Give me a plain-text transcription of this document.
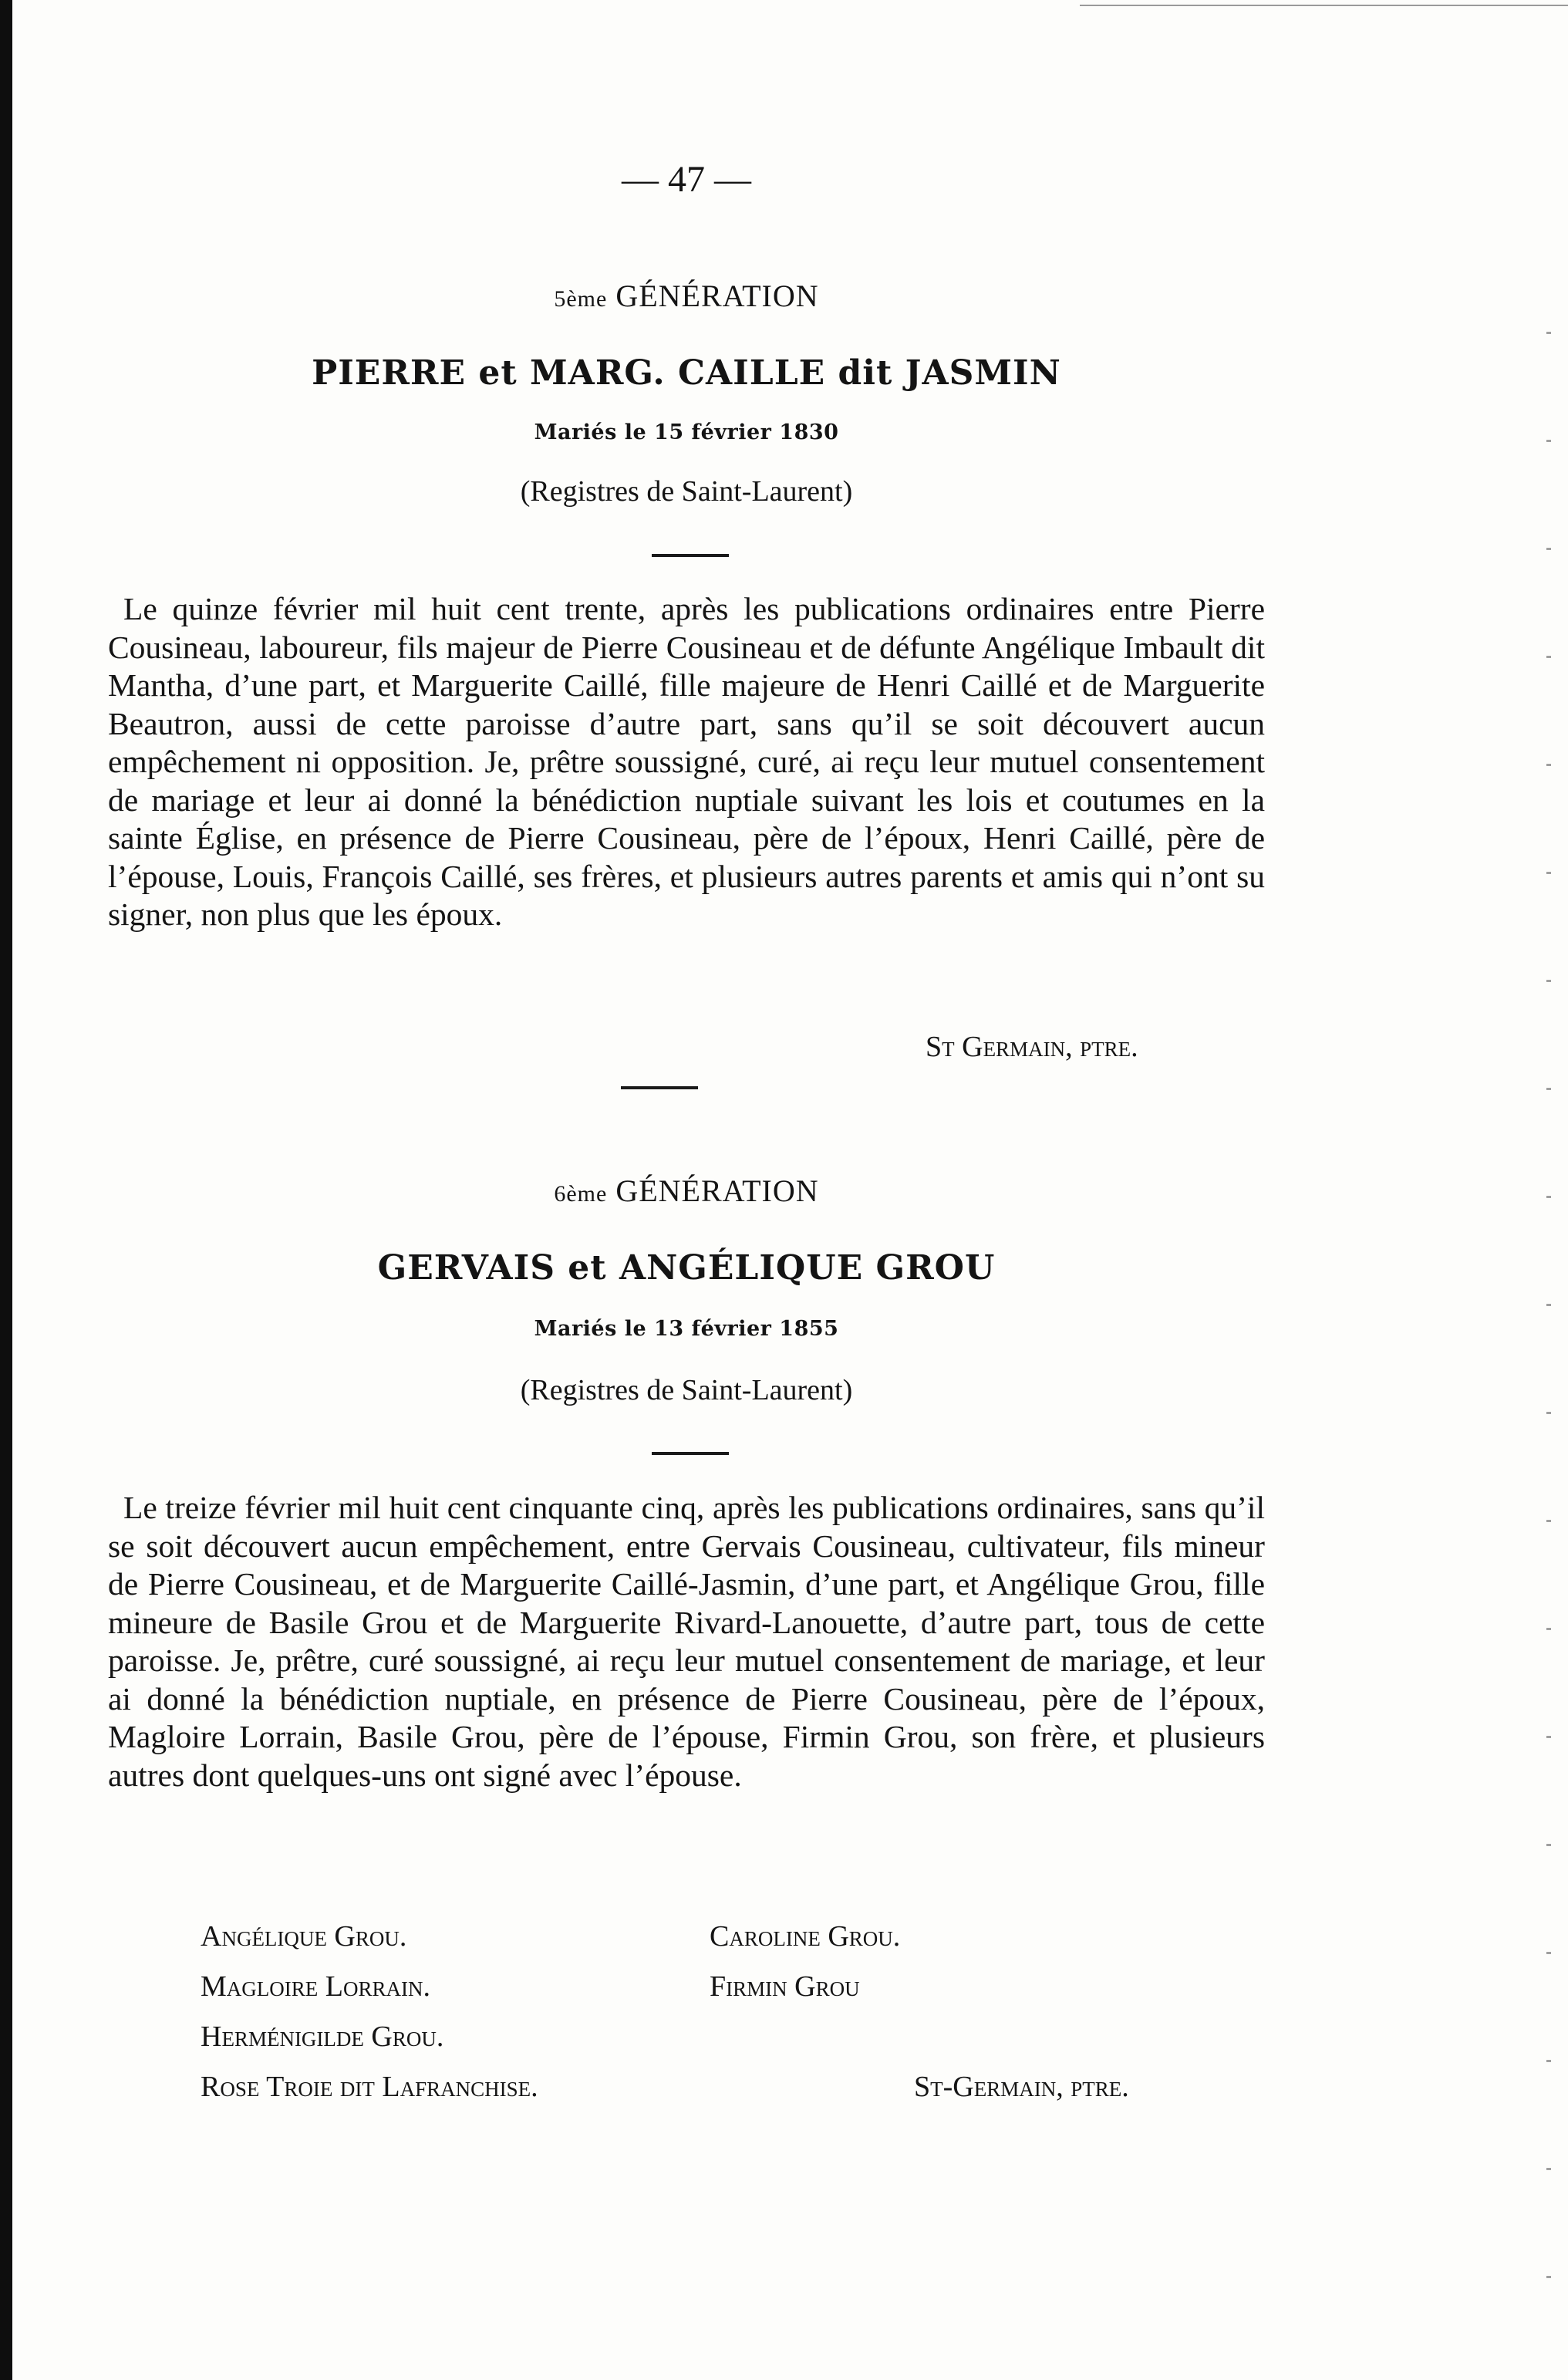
— 47 —
5ème GÉNÉRATION
PIERRE et MARG. CAILLE dit JASMIN
Mariés le 15 février 1830
(Registres de Saint-Laurent)

Le quinze février mil huit cent trente, après les publications ordinaires entre Pierre Cousineau, laboureur, fils majeur de Pierre Cousineau et de défunte Angélique Imbault dit Mantha, d’une part, et Marguerite Caillé, fille majeure de Henri Caillé et de Marguerite Beautron, aussi de cette paroisse d’autre part, sans qu’il se soit découvert aucun empêchement ni opposition. Je, prêtre soussigné, curé, ai reçu leur mutuel consentement de mariage et leur ai donné la bénédiction nuptiale suivant les lois et coutumes en la sainte Église, en présence de Pierre Cousineau, père de l’époux, Henri Caillé, père de l’épouse, Louis, François Caillé, ses frères, et plusieurs autres parents et amis qui n’ont su signer, non plus que les époux.

St Germain, ptre.
6ème GÉNÉRATION
GERVAIS et ANGÉLIQUE GROU
Mariés le 13 février 1855
(Registres de Saint-Laurent)

Le treize février mil huit cent cinquante cinq, après les publications ordinaires, sans qu’il se soit découvert aucun empêchement, entre Gervais Cousineau, cultivateur, fils mineur de Pierre Cousineau, et de Marguerite Caillé-Jasmin, d’une part, et Angélique Grou, fille mineure de Basile Grou et de Marguerite Rivard-Lanouette, d’autre part, tous de cette paroisse. Je, prêtre, curé soussigné, ai reçu leur mutuel consentement de mariage, et leur ai donné la bénédiction nuptiale, en présence de Pierre Cousineau, père de l’époux, Magloire Lorrain, Basile Grou, père de l’épouse, Firmin Grou, son frère, et plusieurs autres dont quelques-uns ont signé avec l’épouse.

Angélique Grou.
Magloire Lorrain.
Herménigilde Grou.
Rose Troie dit Lafranchise.
Caroline Grou.
Firmin Grou
St-Germain, ptre.
